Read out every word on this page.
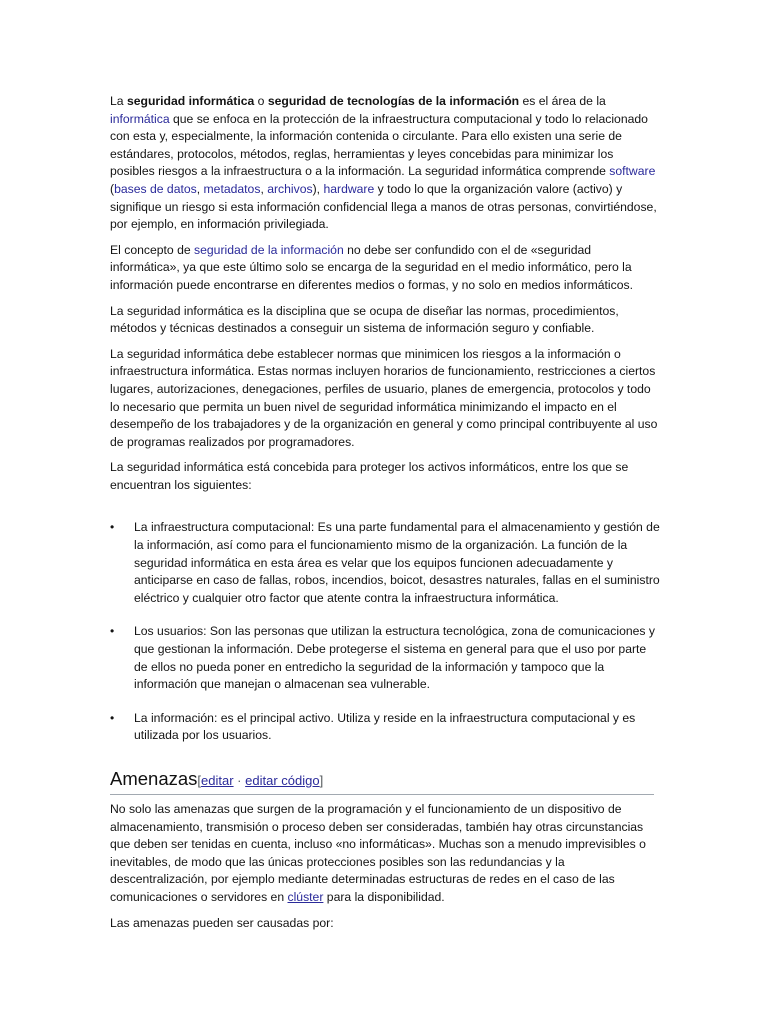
La seguridad informática o seguridad de tecnologías de la información es el área de la informática que se enfoca en la protección de la infraestructura computacional y todo lo relacionado con esta y, especialmente, la información contenida o circulante. Para ello existen una serie de estándares, protocolos, métodos, reglas, herramientas y leyes concebidas para minimizar los posibles riesgos a la infraestructura o a la información. La seguridad informática comprende software (bases de datos, metadatos, archivos), hardware y todo lo que la organización valore (activo) y signifique un riesgo si esta información confidencial llega a manos de otras personas, convirtiéndose, por ejemplo, en información privilegiada.

El concepto de seguridad de la información no debe ser confundido con el de «seguridad informática», ya que este último solo se encarga de la seguridad en el medio informático, pero la información puede encontrarse en diferentes medios o formas, y no solo en medios informáticos.

La seguridad informática es la disciplina que se ocupa de diseñar las normas, procedimientos, métodos y técnicas destinados a conseguir un sistema de información seguro y confiable.

La seguridad informática debe establecer normas que minimicen los riesgos a la información o infraestructura informática. Estas normas incluyen horarios de funcionamiento, restricciones a ciertos lugares, autorizaciones, denegaciones, perfiles de usuario, planes de emergencia, protocolos y todo lo necesario que permita un buen nivel de seguridad informática minimizando el impacto en el desempeño de los trabajadores y de la organización en general y como principal contribuyente al uso de programas realizados por programadores.

La seguridad informática está concebida para proteger los activos informáticos, entre los que se encuentran los siguientes:

• La infraestructura computacional: Es una parte fundamental para el almacenamiento y gestión de la información, así como para el funcionamiento mismo de la organización. La función de la seguridad informática en esta área es velar que los equipos funcionen adecuadamente y anticiparse en caso de fallas, robos, incendios, boicot, desastres naturales, fallas en el suministro eléctrico y cualquier otro factor que atente contra la infraestructura informática.
• Los usuarios: Son las personas que utilizan la estructura tecnológica, zona de comunicaciones y que gestionan la información. Debe protegerse el sistema en general para que el uso por parte de ellos no pueda poner en entredicho la seguridad de la información y tampoco que la información que manejan o almacenan sea vulnerable.
• La información: es el principal activo. Utiliza y reside en la infraestructura computacional y es utilizada por los usuarios.
Amenazas[editar · editar código]

No solo las amenazas que surgen de la programación y el funcionamiento de un dispositivo de almacenamiento, transmisión o proceso deben ser consideradas, también hay otras circunstancias que deben ser tenidas en cuenta, incluso «no informáticas». Muchas son a menudo imprevisibles o inevitables, de modo que las únicas protecciones posibles son las redundancias y la descentralización, por ejemplo mediante determinadas estructuras de redes en el caso de las comunicaciones o servidores en clúster para la disponibilidad.

Las amenazas pueden ser causadas por:
